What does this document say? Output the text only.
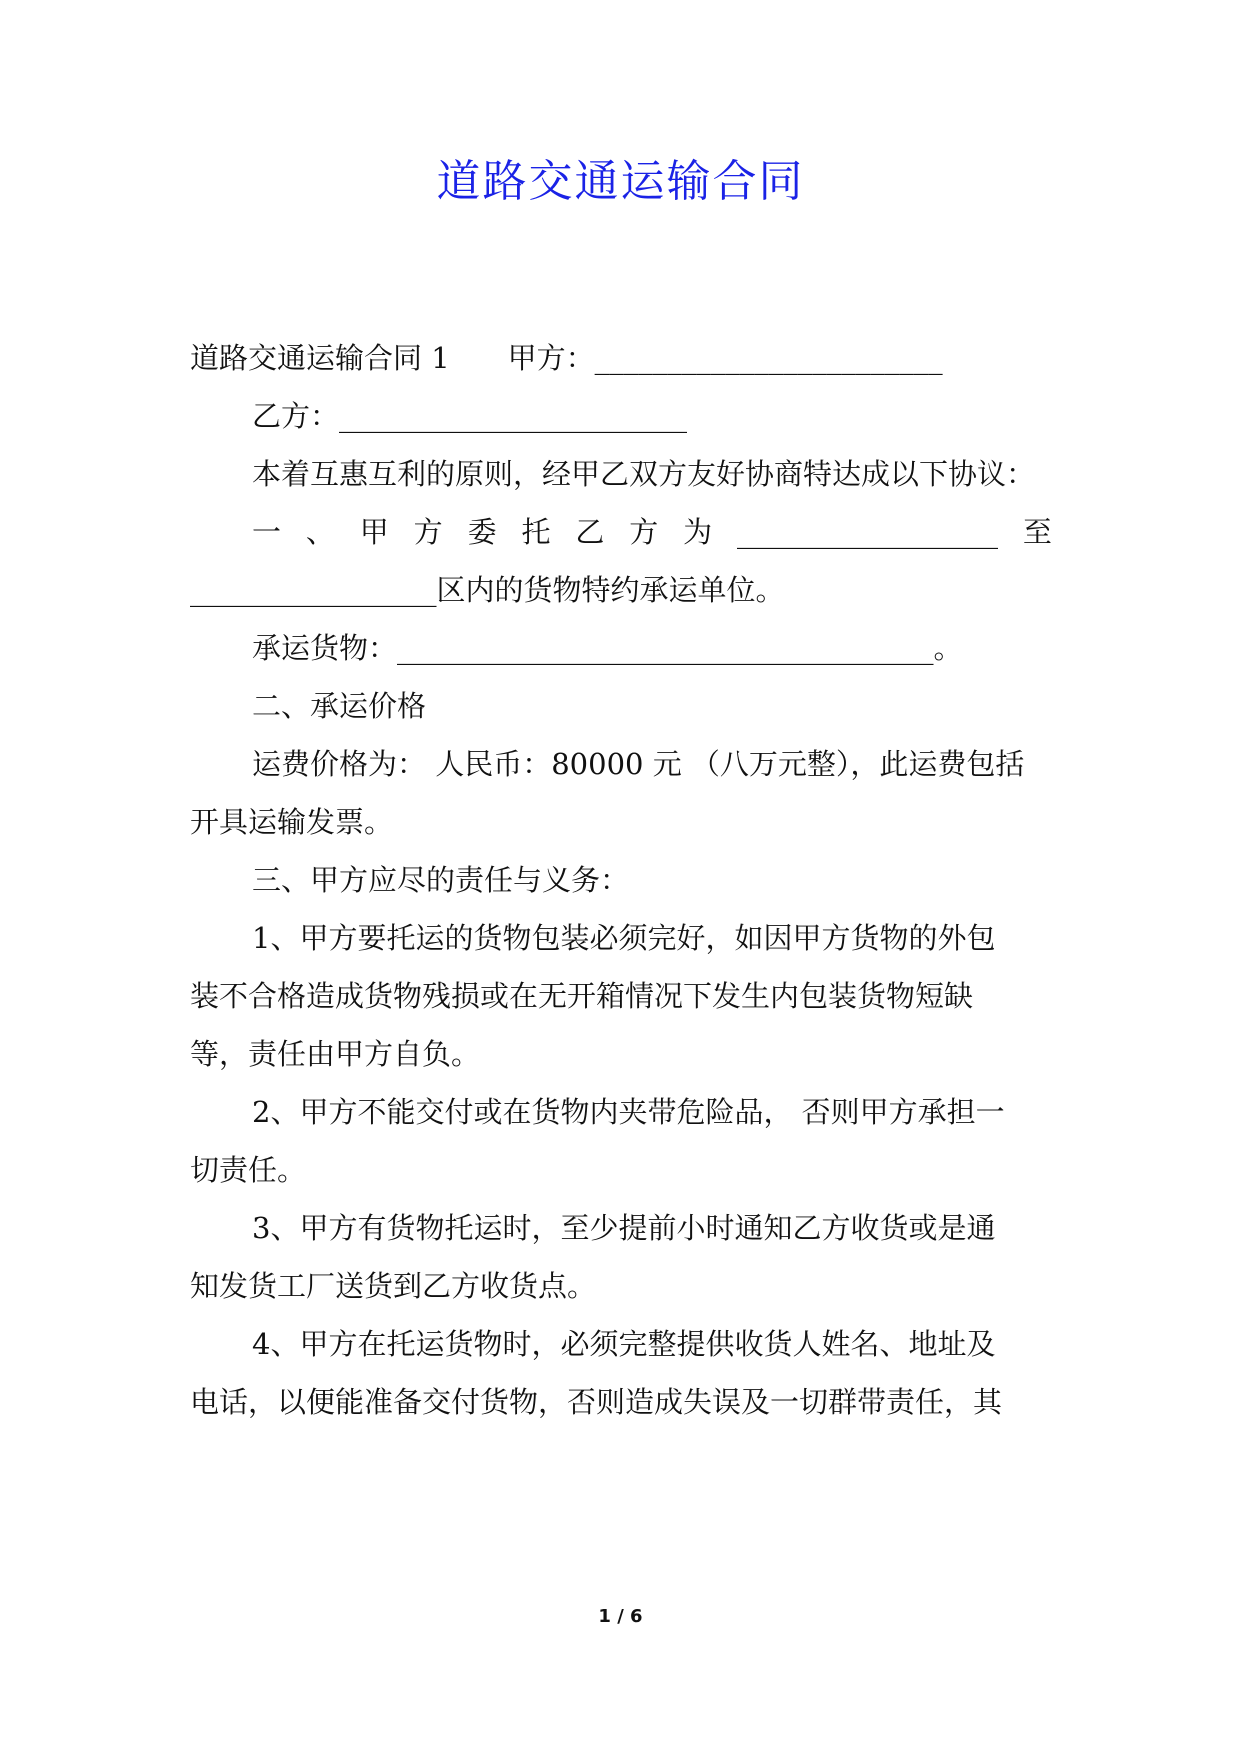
道路交通运输合同
道路交通运输合同 1　　甲方：________________________
乙方：________________________
本着互惠互利的原则，经甲乙双方友好协商特达成以下协议：
一 、 甲 方 委 托 乙 方 为 __________________ 至
_________________区内的货物特约承运单位。
承运货物：_____________________________________。
二、承运价格
运费价格为： 人民币：80000 元 （八万元整），此运费包括
开具运输发票。
三、甲方应尽的责任与义务：
1、甲方要托运的货物包装必须完好，如因甲方货物的外包
装不合格造成货物残损或在无开箱情况下发生内包装货物短缺
等，责任由甲方自负。
2、甲方不能交付或在货物内夹带危险品， 否则甲方承担一
切责任。
3、甲方有货物托运时，至少提前小时通知乙方收货或是通
知发货工厂送货到乙方收货点。
4、甲方在托运货物时，必须完整提供收货人姓名、地址及
电话，以便能准备交付货物，否则造成失误及一切群带责任，其
1 / 6
